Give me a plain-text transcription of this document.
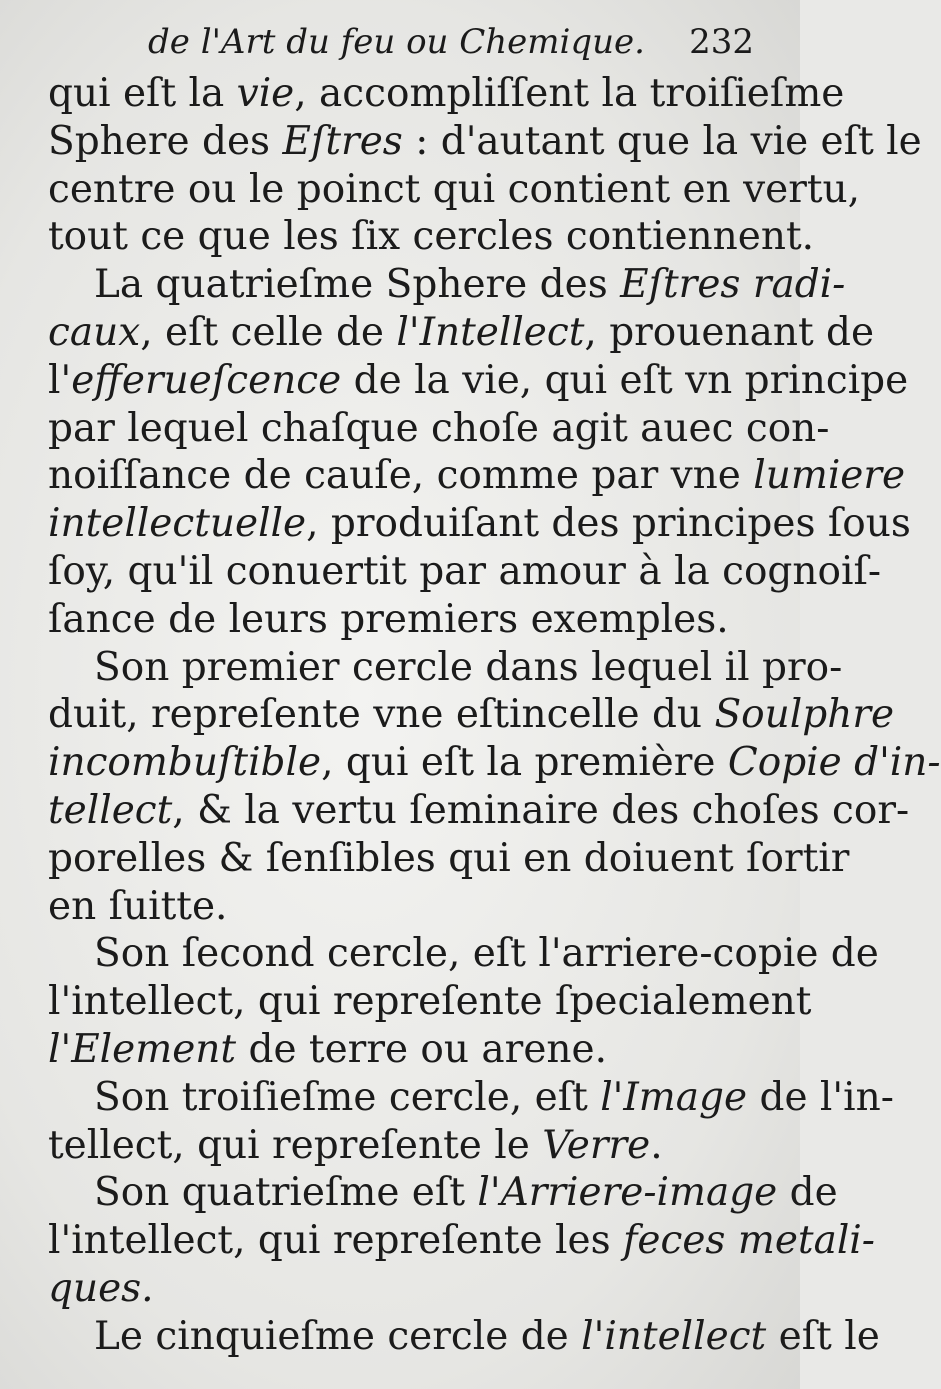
de l'Art du feu ou Chemique. 232
qui eſt la vie, accompliſſent la troiſieſme
Sphere des Eſtres : d'autant que la vie eſt le
centre ou le poinct qui contient en vertu,
tout ce que les ſix cercles contiennent.
La quatrieſme Sphere des Eſtres radi-
caux, eſt celle de l'Intellect, prouenant de
l'efferueſcence de la vie, qui eſt vn principe
par lequel chaſque choſe agit auec con-
noiſſance de cauſe, comme par vne lumiere
intellectuelle, produiſant des principes ſous
ſoy, qu'il conuertit par amour à la cognoiſ-
ſance de leurs premiers exemples.
Son premier cercle dans lequel il pro-
duit, repreſente vne eſtincelle du Soulphre
incombuſtible, qui eſt la première Copie d'in-
tellect, & la vertu ſeminaire des choſes cor-
porelles & ſenſibles qui en doiuent ſortir
en ſuitte.
Son ſecond cercle, eſt l'arriere-copie de
l'intellect, qui repreſente ſpecialement
l'Element de terre ou arene.
Son troiſieſme cercle, eſt l'Image de l'in-
tellect, qui repreſente le Verre.
Son quatrieſme eſt l'Arriere-image de
l'intellect, qui repreſente les feces metali-
ques.
Le cinquieſme cercle de l'intellect eſt le
